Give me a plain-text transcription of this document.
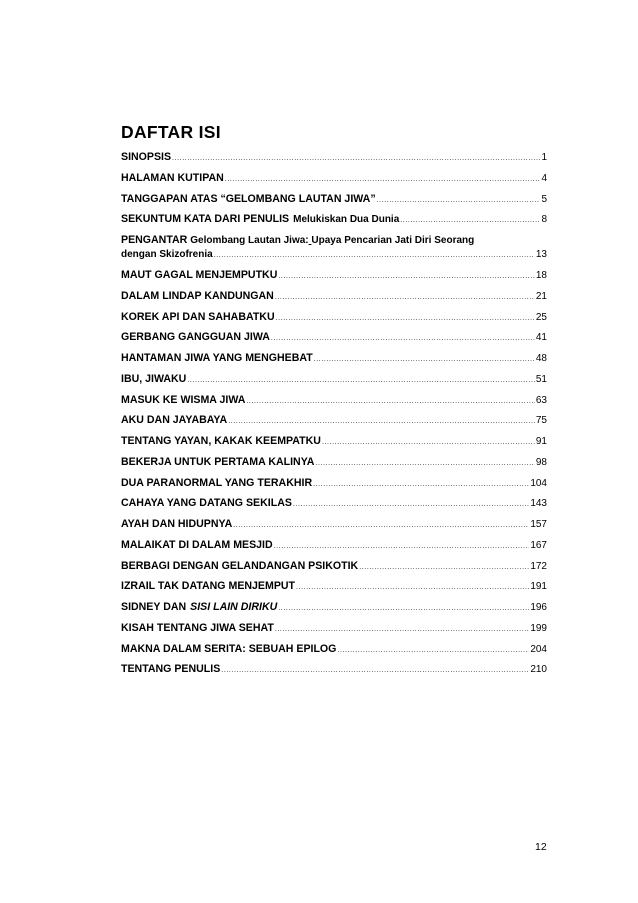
DAFTAR ISI
SINOPSIS .....	1
HALAMAN KUTIPAN .....	4
TANGGAPAN ATAS “GELOMBANG LAUTAN JIWA” .....	5
SEKUNTUM KATA DARI PENULIS Melukiskan Dua Dunia .....	8
PENGANTAR Gelombang Lautan Jiwa: Upaya Pencarian Jati Diri Seorang
dengan Skizofrenia .....	13
MAUT GAGAL MENJEMPUTKU .....	18
DALAM LINDAP KANDUNGAN .....	21
KOREK API DAN SAHABATKU .....	25
GERBANG GANGGUAN JIWA .....	41
HANTAMAN JIWA YANG MENGHEBAT .....	48
IBU, JIWAKU .....	51
MASUK KE WISMA JIWA .....	63
AKU DAN JAYABAYA .....	75
TENTANG YAYAN, KAKAK KEEMPATKU .....	91
BEKERJA UNTUK PERTAMA KALINYA .....	98
DUA PARANORMAL YANG TERAKHIR .....	104
CAHAYA YANG DATANG SEKILAS .....	143
AYAH DAN HIDUPNYA .....	157
MALAIKAT DI DALAM MESJID .....	167
BERBAGI DENGAN GELANDANGAN PSIKOTIK .....	172
IZRAIL TAK DATANG MENJEMPUT .....	191
SIDNEY DAN SISI LAIN DIRIKU .....	196
KISAH TENTANG JIWA SEHAT .....	199
MAKNA DALAM SERITA: SEBUAH EPILOG .....	204
TENTANG PENULIS .....	210
12
